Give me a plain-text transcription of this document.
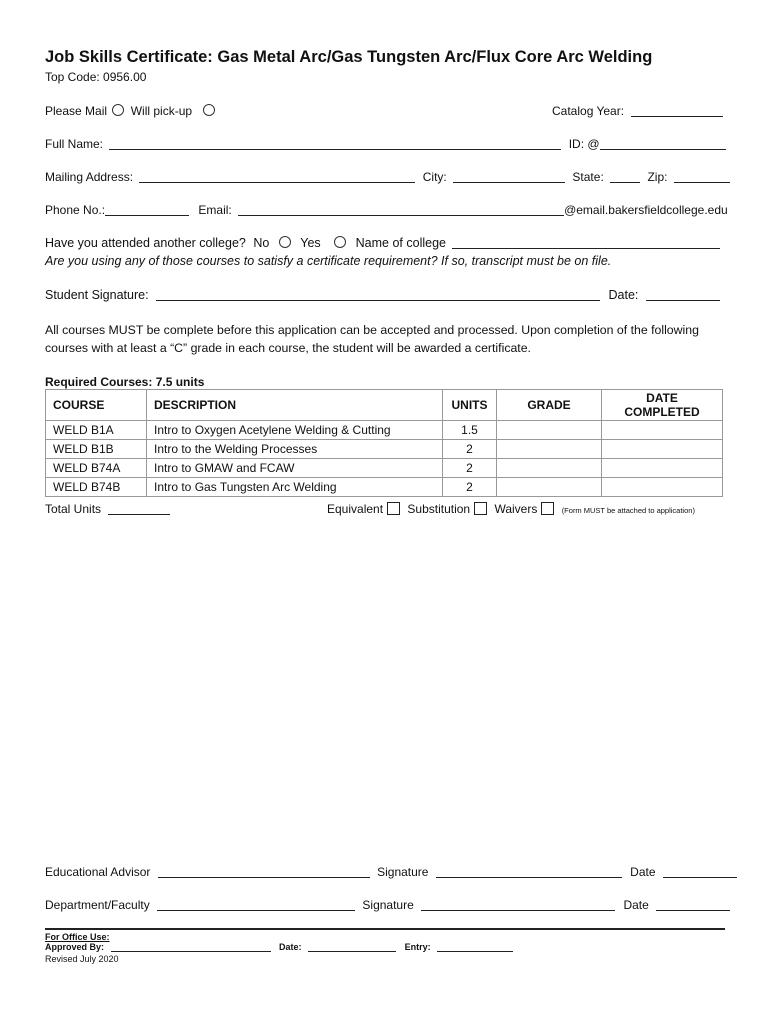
Job Skills Certificate: Gas Metal Arc/Gas Tungsten Arc/Flux Core Arc Welding
Top Code: 0956.00
Please Mail Will pick-up	Catalog Year:
Full Name:	ID: @
Mailing Address:	City:	State:	Zip:
Phone No.:	Email:	@email.bakersfieldcollege.edu
Have you attended another college? No Yes	Name of college
Are you using any of those courses to satisfy a certificate requirement? If so, transcript must be on file.
Student Signature:	Date:
All courses MUST be complete before this application can be accepted and processed. Upon completion of the following
courses with at least a “C” grade in each course, the student will be awarded a certificate.
Required Courses: 7.5 units
COURSE	DESCRIPTION	UNITS	GRADE	DATE COMPLETED
WELD B1A	Intro to Oxygen Acetylene Welding & Cutting	1.5		
WELD B1B	Intro to the Welding Processes	2		
WELD B74A	Intro to GMAW and FCAW	2		
WELD B74B	Intro to Gas Tungsten Arc Welding	2		
Total Units	Equivalent Substitution Waivers	(Form MUST be attached to application)
Educational Advisor	Signature	Date
Department/Faculty	Signature	Date
For Office Use:
Approved By:	Date:	Entry:
Revised July 2020
